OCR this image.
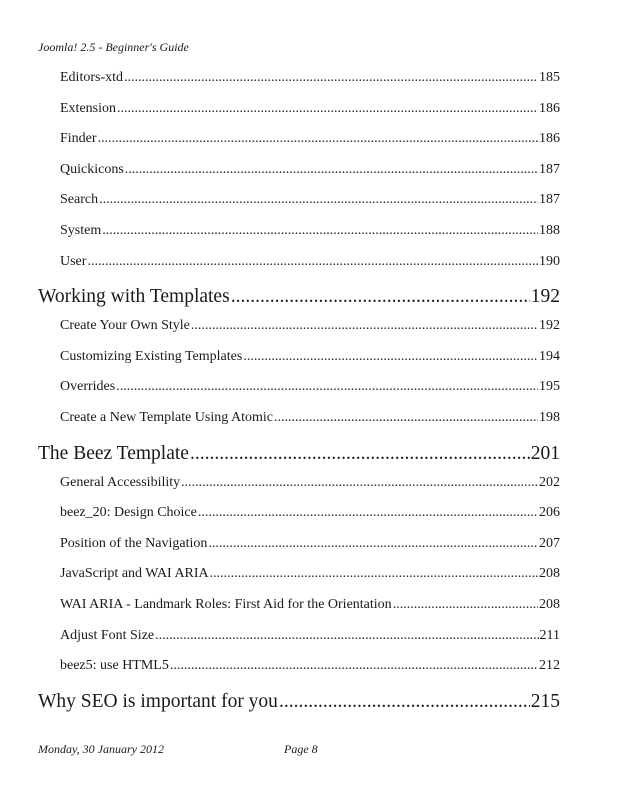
Joomla! 2.5 - Beginner's Guide
Editors-xtd .....	185
Extension .....	186
Finder .....	186
Quickicons .....	187
Search .....	187
System .....	188
User .....	190
Working with Templates .....	192
Create Your Own Style .....	192
Customizing Existing Templates .....	194
Overrides .....	195
Create a New Template Using Atomic .....	198
The Beez Template .....	201
General Accessibility .....	202
beez_20: Design Choice .....	206
Position of the Navigation .....	207
JavaScript and WAI ARIA .....	208
WAI ARIA - Landmark Roles: First Aid for the Orientation .....	208
Adjust Font Size .....	211
beez5: use HTML5 .....	212
Why SEO is important for you .....	215
Monday, 30 January 2012	Page 8
